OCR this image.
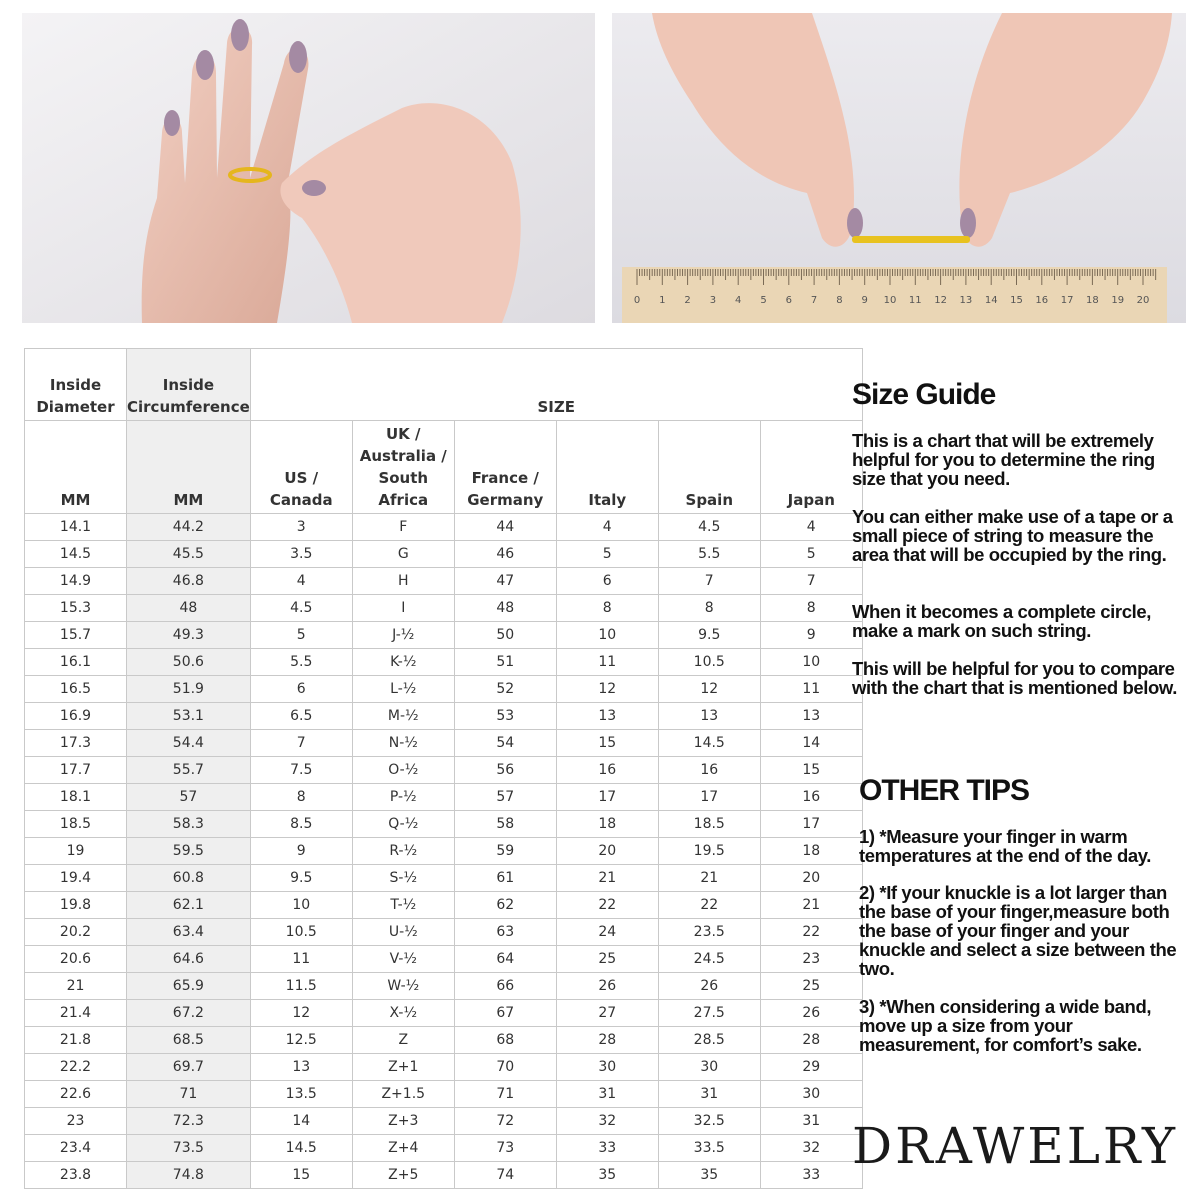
0 1 2 3 4 5 6 7 8 9 10 11 12 13 14 15 16 17 18 19 20
Inside Diameter	Inside Circumference	SIZE					
MM	MM	US / Canada	UK / Australia / South Africa	France / Germany	Italy	Spain	Japan
14.1	44.2	3	F	44	4	4.5	4
14.5	45.5	3.5	G	46	5	5.5	5
14.9	46.8	4	H	47	6	7	7
15.3	48	4.5	I	48	8	8	8
15.7	49.3	5	J-½	50	10	9.5	9
16.1	50.6	5.5	K-½	51	11	10.5	10
16.5	51.9	6	L-½	52	12	12	11
16.9	53.1	6.5	M-½	53	13	13	13
17.3	54.4	7	N-½	54	15	14.5	14
17.7	55.7	7.5	O-½	56	16	16	15
18.1	57	8	P-½	57	17	17	16
18.5	58.3	8.5	Q-½	58	18	18.5	17
19	59.5	9	R-½	59	20	19.5	18
19.4	60.8	9.5	S-½	61	21	21	20
19.8	62.1	10	T-½	62	22	22	21
20.2	63.4	10.5	U-½	63	24	23.5	22
20.6	64.6	11	V-½	64	25	24.5	23
21	65.9	11.5	W-½	66	26	26	25
21.4	67.2	12	X-½	67	27	27.5	26
21.8	68.5	12.5	Z	68	28	28.5	28
22.2	69.7	13	Z+1	70	30	30	29
22.6	71	13.5	Z+1.5	71	31	31	30
23	72.3	14	Z+3	72	32	32.5	31
23.4	73.5	14.5	Z+4	73	33	33.5	32
23.8	74.8	15	Z+5	74	35	35	33
Size Guide

This is a chart that will be extremely helpful for you to determine the ring size that you need.

You can either make use of a tape or a small piece of string to measure the area that will be occupied by the ring.

When it becomes a complete circle, make a mark on such string.

This will be helpful for you to compare with the chart that is mentioned below.

OTHER TIPS

1) *Measure your finger in warm temperatures at the end of the day.

2) *If your knuckle is a lot larger than the base of your finger,measure both the base of your finger and your knuckle and select a size between the two.

3) *When considering a wide band, move up a size from your measurement, for comfort’s sake.

DRAWELRY
